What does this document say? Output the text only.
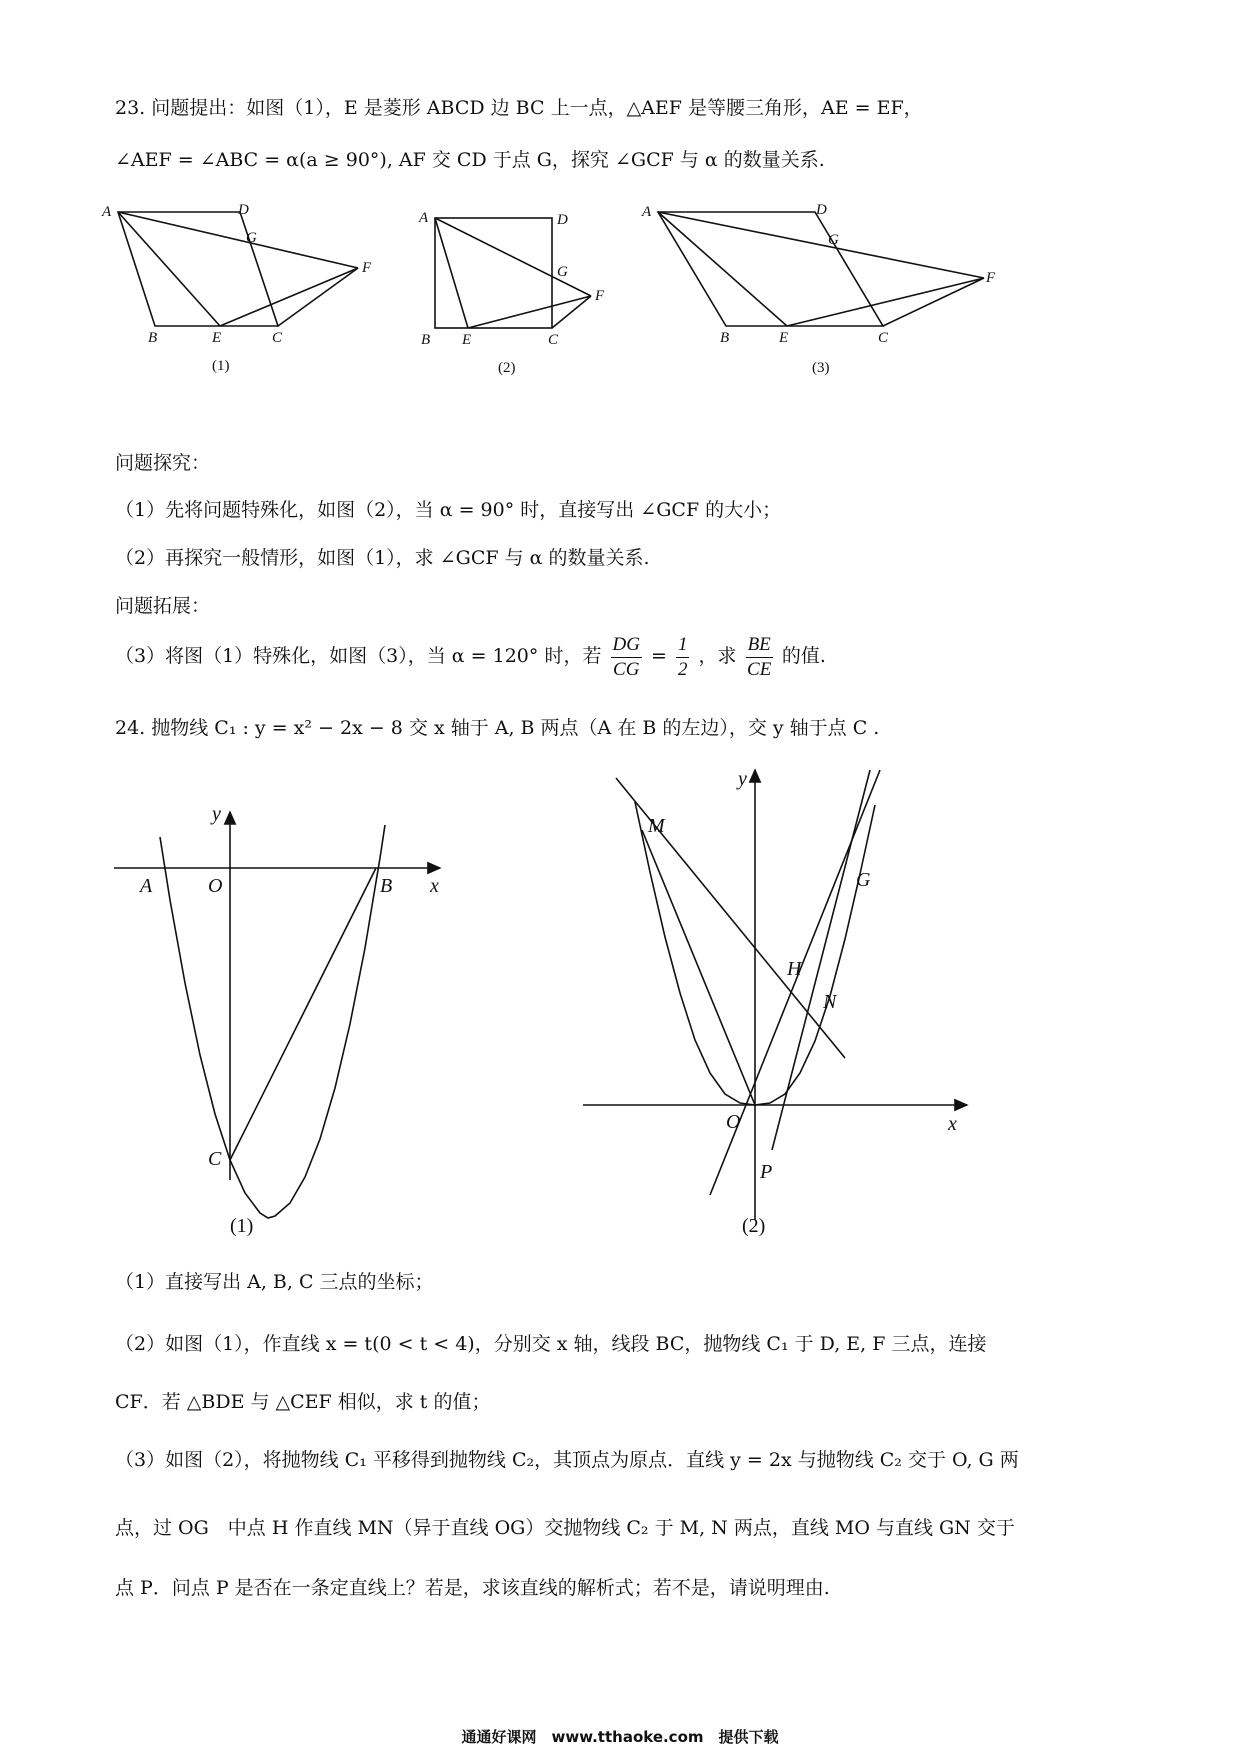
23. 问题提出：如图（1），E 是菱形 ABCD 边 BC 上一点，△AEF 是等腰三角形，AE = EF，
∠AEF = ∠ABC = α(a ≥ 90°), AF 交 CD 于点 G，探究 ∠GCF 与 α 的数量关系.
A	D
G
F
B	E	C
(1)
A	D
G
F
B E	C
(2)
A	D
G
F
B	E	C
(3)
问题探究：
（1）先将问题特殊化，如图（2），当 α = 90° 时，直接写出 ∠GCF 的大小；
（2）再探究一般情形，如图（1），求 ∠GCF 与 α 的数量关系.
问题拓展：
（3）将图（1）特殊化，如图（3），当 α = 120° 时，若 $\frac{DG}{CG} = \frac{1}{2}$ ，求 $\frac{BE}{CE}$ 的值.
24. 抛物线 C₁ : y = x² − 2x − 8 交 x 轴于 A, B 两点（A 在 B 的左边），交 y 轴于点 C .
y
x
A	O	B
C
(1)
y
x
M
G
H
N
O
P
(2)
（1）直接写出 A, B, C 三点的坐标；
（2）如图（1），作直线 x = t(0 < t < 4)，分别交 x 轴，线段 BC，抛物线 C₁ 于 D, E, F 三点，连接
CF．若 △BDE 与 △CEF 相似，求 t 的值；
（3）如图（2），将抛物线 C₁ 平移得到抛物线 C₂，其顶点为原点．直线 y = 2x 与抛物线 C₂ 交于 O, G 两
点，过 OG　中点 H 作直线 MN（异于直线 OG）交抛物线 C₂ 于 M, N 两点，直线 MO 与直线 GN 交于
点 P．问点 P 是否在一条定直线上？若是，求该直线的解析式；若不是，请说明理由.
通通好课网　www.tthaoke.com　提供下载
